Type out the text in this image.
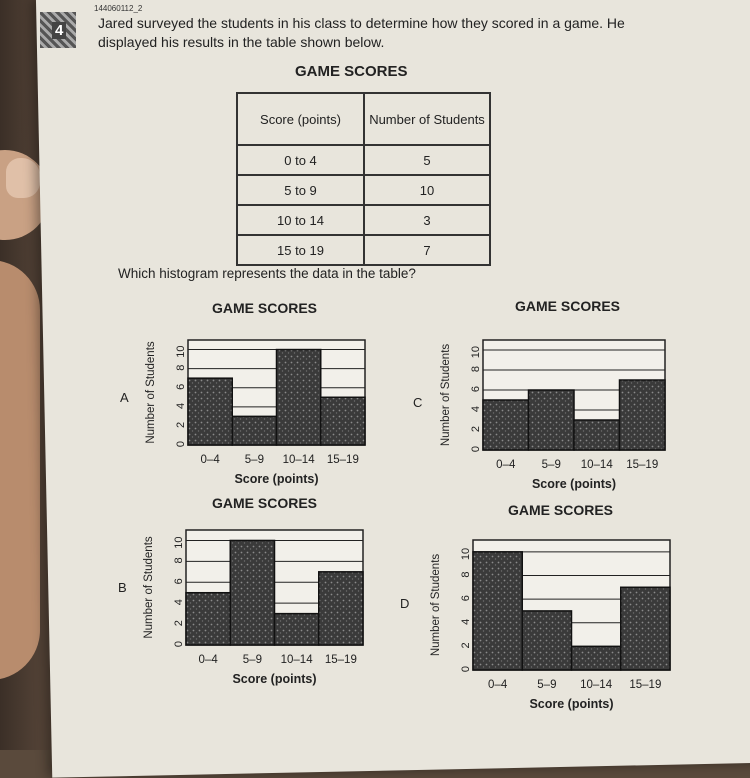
4
144060112_2
Jared surveyed the students in his class to determine how they scored in a game. He displayed his results in the table shown below.
GAME SCORES
Score (points)	Number of Students
0 to 4	5
5 to 9	10
10 to 14	3
15 to 19	7
Which histogram represents the data in the table?
GAME SCORES
A
0
2
4
6
8
10
0–4 5–9 10–14 15–19
Number of Students
Score (points)
GAME SCORES
C
0
2
4
6
8
10
0–4 5–9 10–14 15–19
Number of Students
Score (points)
GAME SCORES
B
0
2
4
6
8
10
0–4 5–9 10–14 15–19
Number of Students
Score (points)
GAME SCORES
D
0
2
4
6
8
10
0–4	5–9 10–14 15–19
Number of Students
Score (points)
